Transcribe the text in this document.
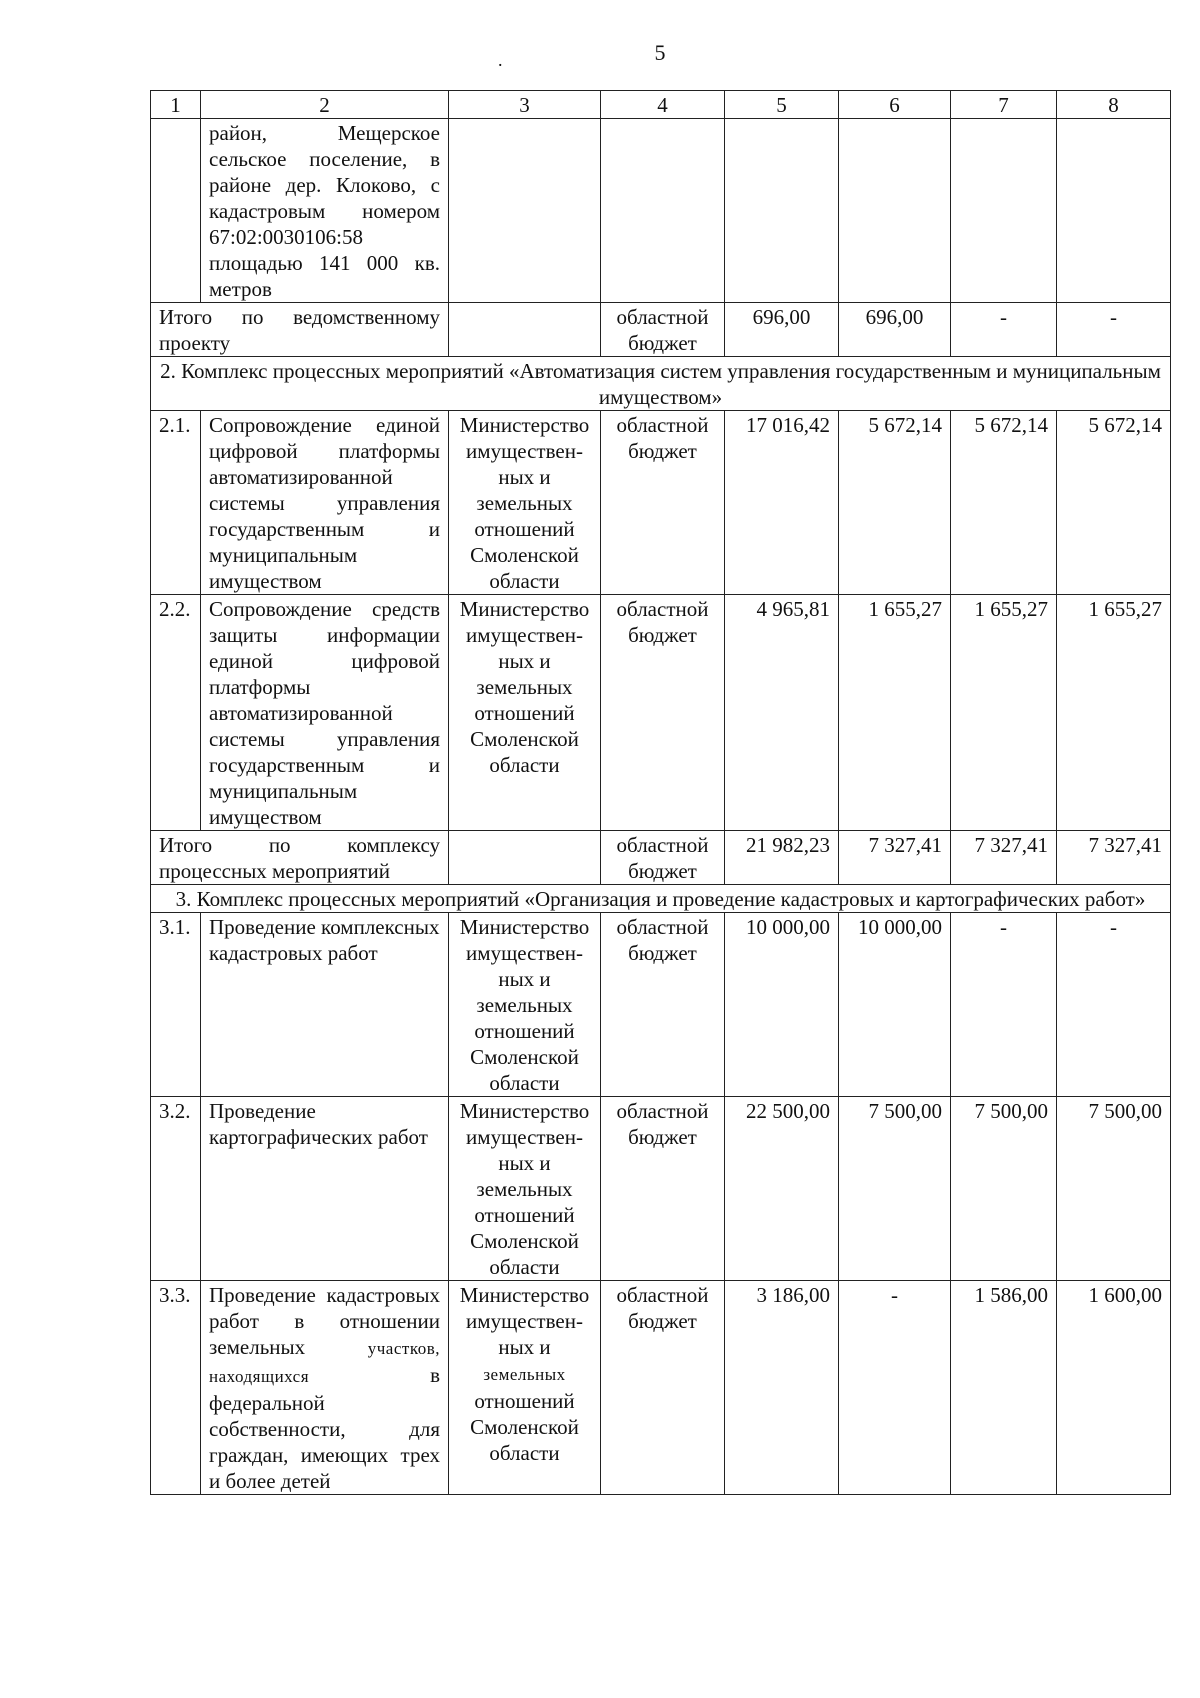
5
.
1	2	3	4	5	6	7	8
	район, Мещерское сельское поселение, в районе дер. Клоково, с кадастровым номером 67:02:0030106:58 площадью 141 000 кв. метров						
Итого по ведомственному проекту			областной бюджет	696,00	696,00	-	-
2. Комплекс процессных мероприятий «Автоматизация систем управления государственным и муниципальным имуществом»							
2.1.	Сопровождение единой цифровой платформы автоматизированной системы управления государственным и муниципальным имуществом	Министерство имуществен-ных и земельных отношений Смоленской области	областной бюджет	17 016,42	5 672,14	5 672,14	5 672,14
2.2.	Сопровождение средств защиты информации единой цифровой платформы автоматизированной системы управления государственным и муниципальным имуществом	Министерство имуществен-ных и земельных отношений Смоленской области	областной бюджет	4 965,81	1 655,27	1 655,27	1 655,27
Итого по комплексу процессных мероприятий			областной бюджет	21 982,23	7 327,41	7 327,41	7 327,41
3. Комплекс процессных мероприятий «Организация и проведение кадастровых и картографических работ»							
3.1.	Проведение комплексных кадастровых работ	Министерство имуществен-ных и земельных отношений Смоленской области	областной бюджет	10 000,00	10 000,00	-	-
3.2.	Проведение картографических работ	Министерство имуществен-ных и земельных отношений Смоленской области	областной бюджет	22 500,00	7 500,00	7 500,00	7 500,00
3.3.	Проведение кадастровых работ в отношении земельных участков, находящихся в федеральной собственности, для граждан, имеющих трех и более детей	Министерство имуществен-ных и земельных отношений Смоленской области	областной бюджет	3 186,00	-	1 586,00	1 600,00
